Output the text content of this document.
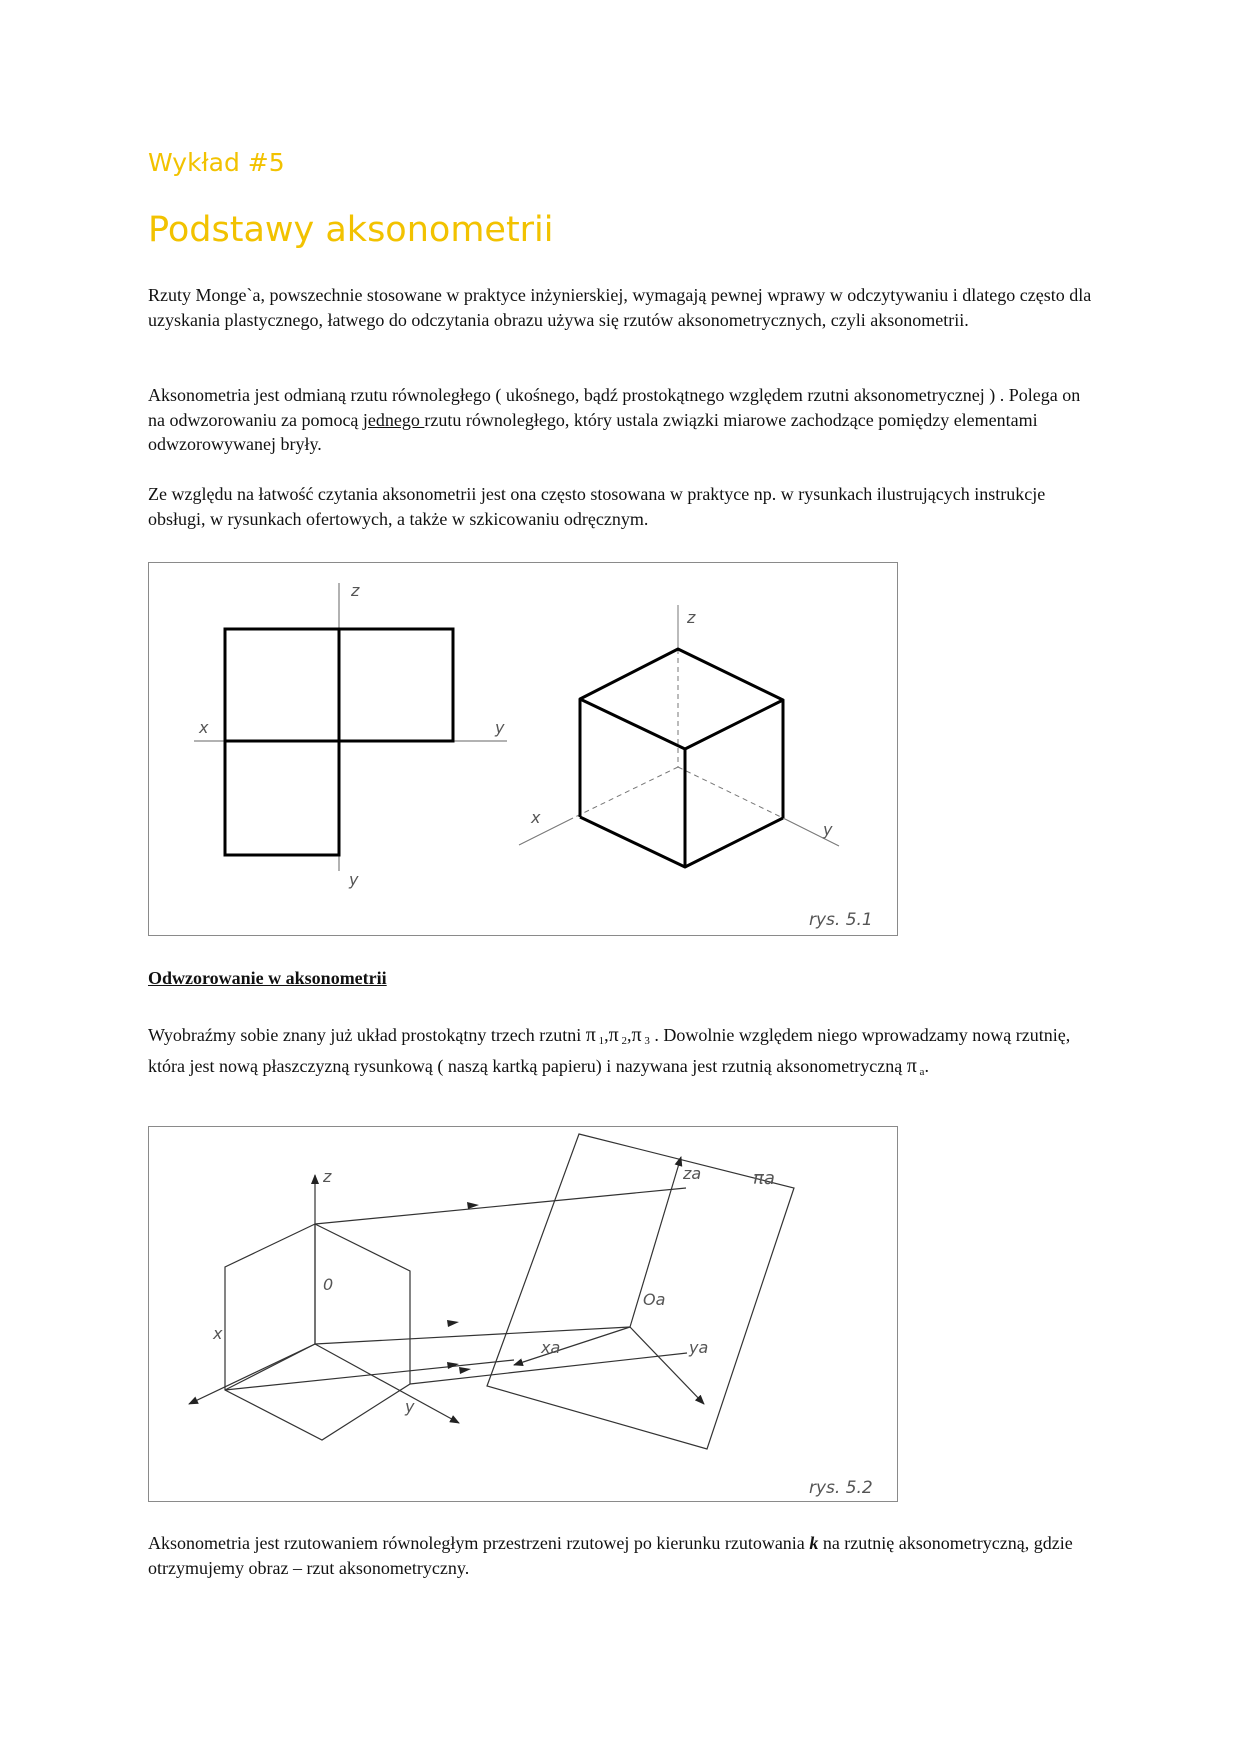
Wykład #5
Podstawy aksonometrii

Rzuty Monge`a, powszechnie stosowane w praktyce inżynierskiej, wymagają pewnej wprawy w odczytywaniu i dlatego często dla uzyskania plastycznego, łatwego do odczytania obrazu używa się rzutów aksonometrycznych, czyli aksonometrii.

Aksonometria jest odmianą rzutu równoległego ( ukośnego, bądź prostokątnego względem rzutni aksonometrycznej ) . Polega on na odwzorowaniu za pomocą jednego rzutu równoległego, który ustala związki miarowe zachodzące pomiędzy elementami odwzorowywanej bryły.

Ze względu na łatwość czytania aksonometrii jest ona często stosowana w praktyce np. w rysunkach ilustrujących instrukcje obsługi, w rysunkach ofertowych, a także w szkicowaniu odręcznym.

z
x	y
y
z
x
y
rys. 5.1
Odwzorowanie w aksonometrii

Wyobraźmy sobie znany już układ prostokątny trzech rzutni π $_1$,π $_2$,π $_3$ . Dowolnie względem niego wprowadzamy nową rzutnię, która jest nową płaszczyzną rysunkową ( naszą kartką papieru) i nazywana jest rzutnią aksonometryczną π $_a$.

z
0
x
y
za
Oa
xa	ya
πa
rys. 5.2

Aksonometria jest rzutowaniem równoległym przestrzeni rzutowej po kierunku rzutowania k na rzutnię aksonometryczną, gdzie otrzymujemy obraz – rzut aksonometryczny.
